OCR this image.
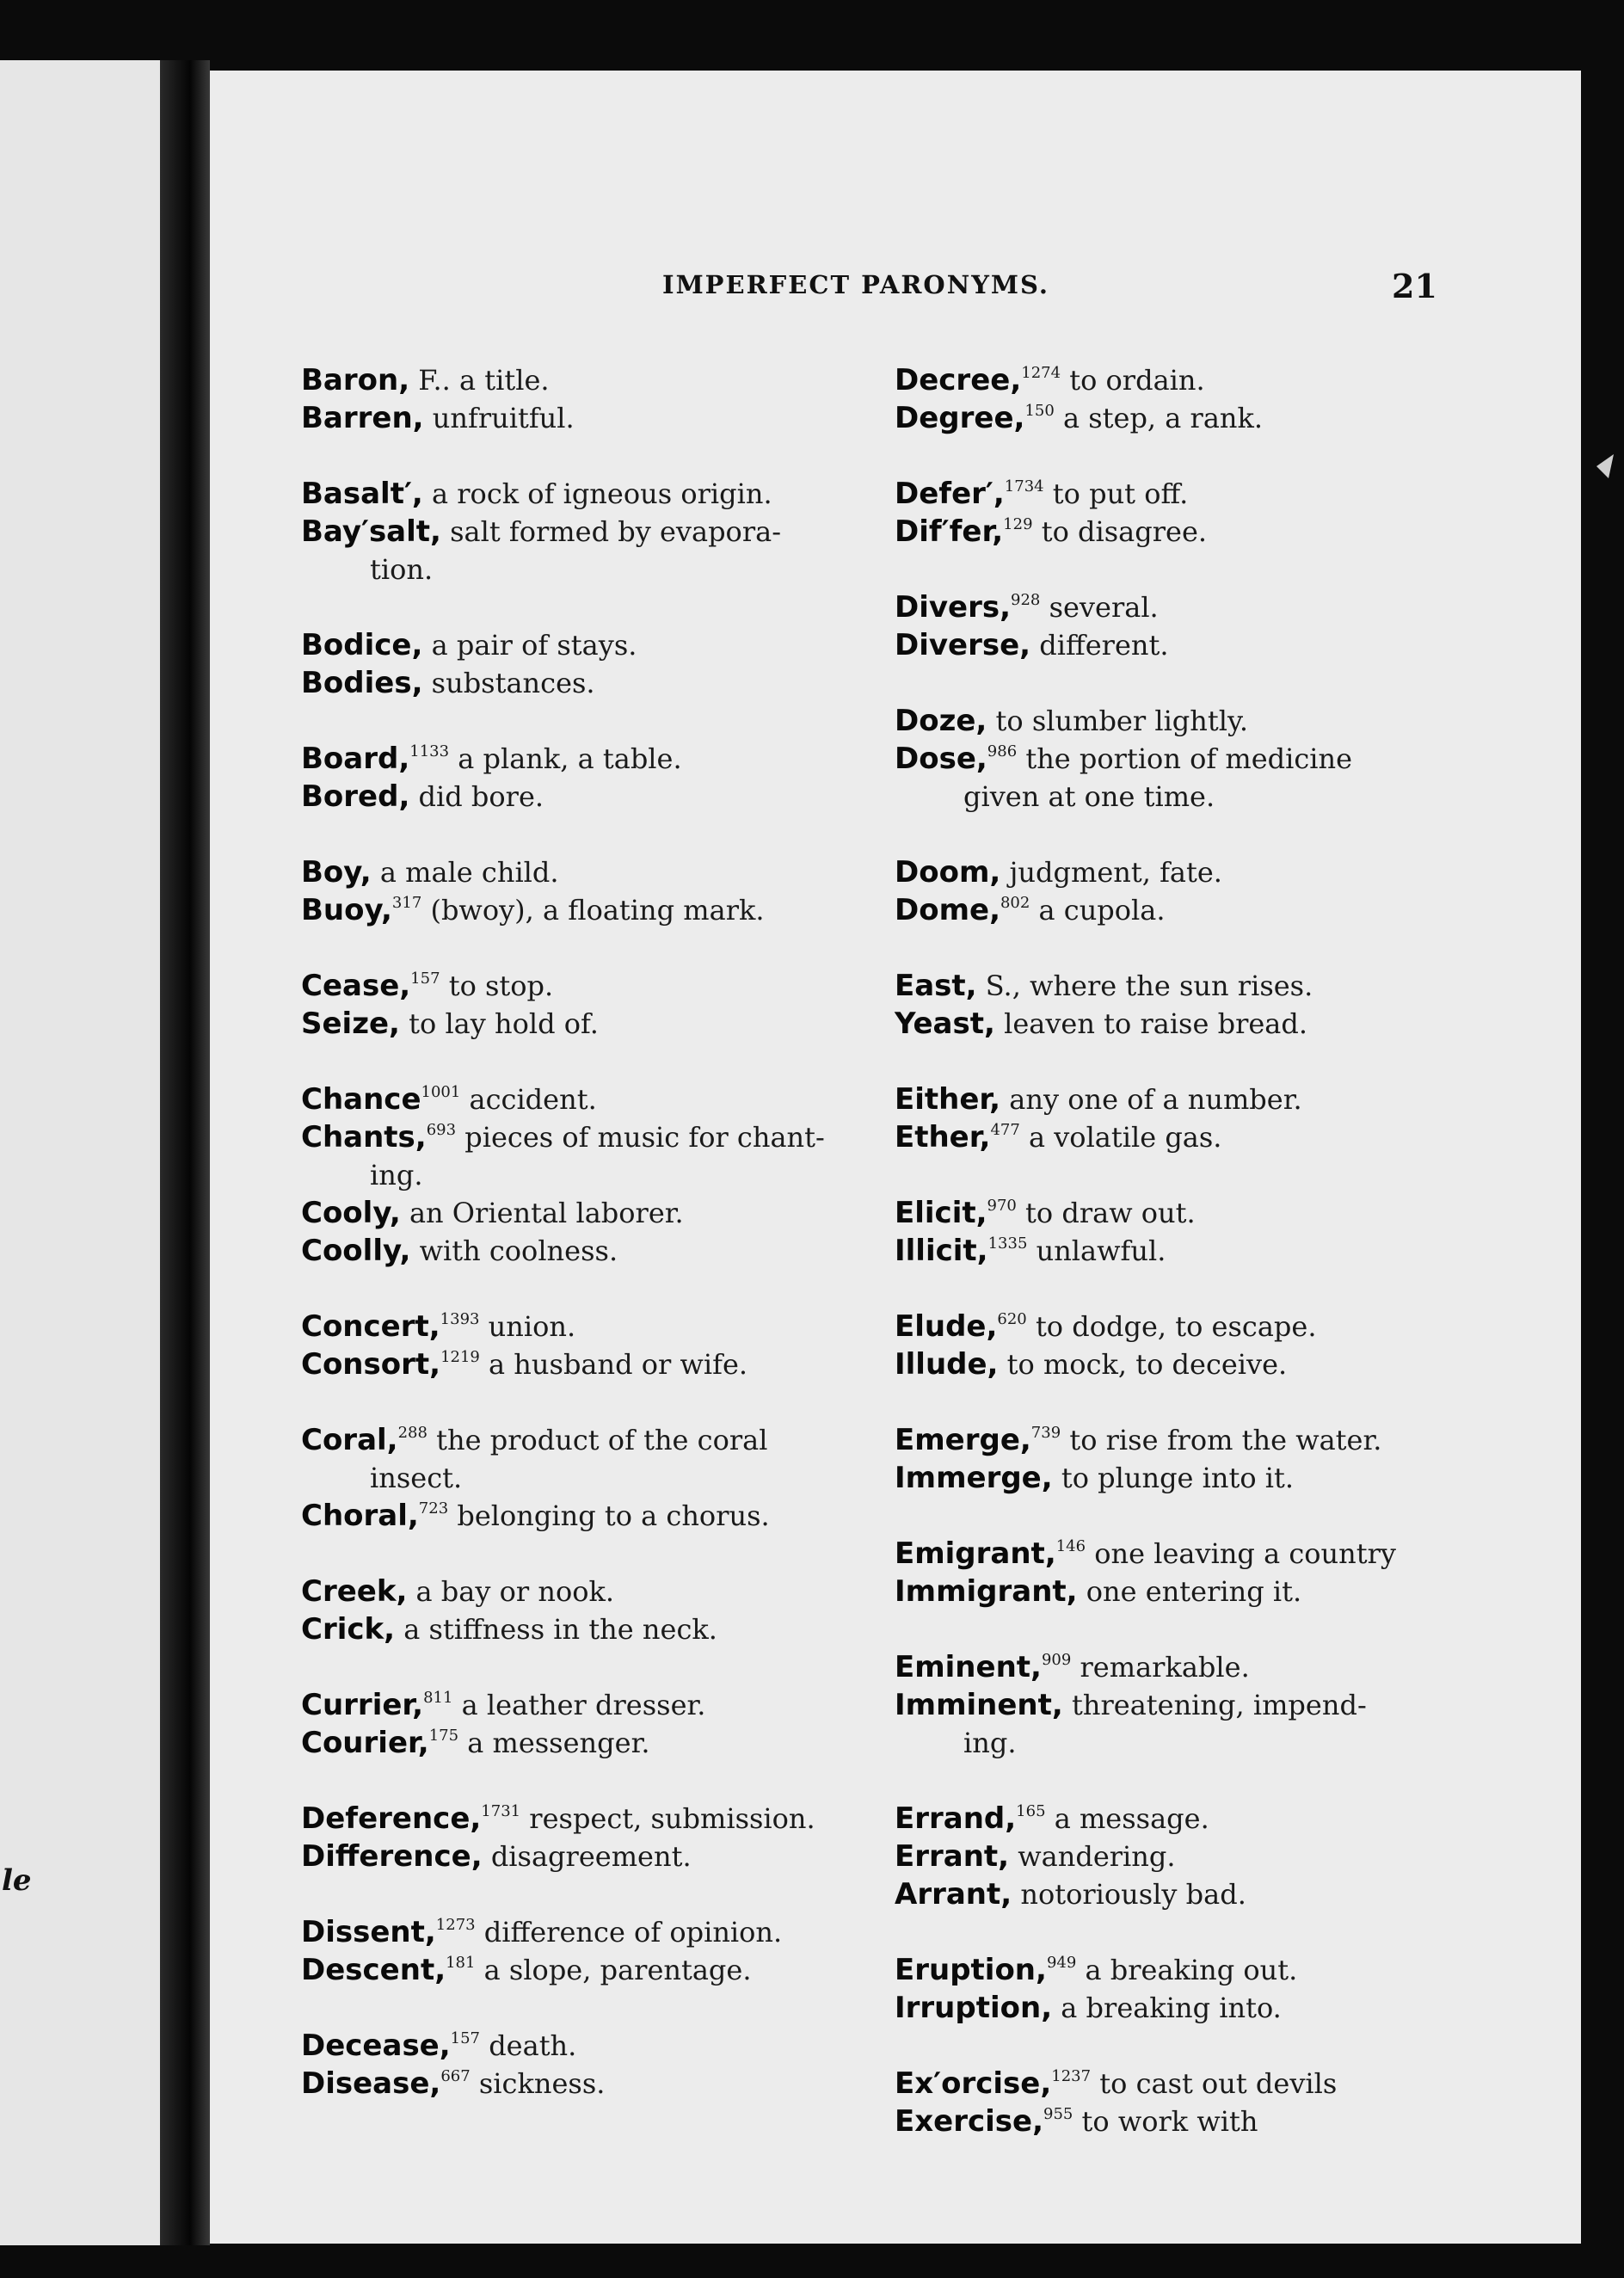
le

IMPERFECT PARONYMS.	21

Baron, F.. a title.

Barren, unfruitful.

Basalt′, a rock of igneous origin.

Bay′salt, salt formed by evapora-
tion.

Bodice, a pair of stays.

Bodies, substances.

Board,$^{1133}$ a plank, a table.

Bored, did bore.

Boy, a male child.

Buoy,$^{317}$ (bwoy), a floating mark.

Cease,$^{157}$ to stop.

Seize, to lay hold of.

Chance$^{1001}$ accident.

Chants,$^{693}$ pieces of music for chant-
ing.

Cooly, an Oriental laborer.

Coolly, with coolness.

Concert,$^{1393}$ union.

Consort,$^{1219}$ a husband or wife.

Coral,$^{288}$ the product of the coral
insect.

Choral,$^{723}$ belonging to a chorus.

Creek, a bay or nook.

Crick, a stiffness in the neck.

Currier,$^{811}$ a leather dresser.

Courier,$^{175}$ a messenger.

Deference,$^{1731}$ respect, submission.

Difference, disagreement.

Dissent,$^{1273}$ difference of opinion.

Descent,$^{181}$ a slope, parentage.

Decease,$^{157}$ death.

Disease,$^{667}$ sickness.

Decree,$^{1274}$ to ordain.

Degree,$^{150}$ a step, a rank.

Defer′,$^{1734}$ to put off.

Dif′fer,$^{129}$ to disagree.

Divers,$^{928}$ several.

Diverse, different.

Doze, to slumber lightly.

Dose,$^{986}$ the portion of medicine
given at one time.

Doom, judgment, fate.

Dome,$^{802}$ a cupola.

East, S., where the sun rises.

Yeast, leaven to raise bread.

Either, any one of a number.

Ether,$^{477}$ a volatile gas.

Elicit,$^{970}$ to draw out.

Illicit,$^{1335}$ unlawful.

Elude,$^{620}$ to dodge, to escape.

Illude, to mock, to deceive.

Emerge,$^{739}$ to rise from the water.

Immerge, to plunge into it.

Emigrant,$^{146}$ one leaving a country

Immigrant, one entering it.

Eminent,$^{909}$ remarkable.

Imminent, threatening, impend-
ing.

Errand,$^{165}$ a message.

Errant, wandering.

Arrant, notoriously bad.

Eruption,$^{949}$ a breaking out.

Irruption, a breaking into.

Ex′orcise,$^{1237}$ to cast out devils

Exercise,$^{955}$ to work with
